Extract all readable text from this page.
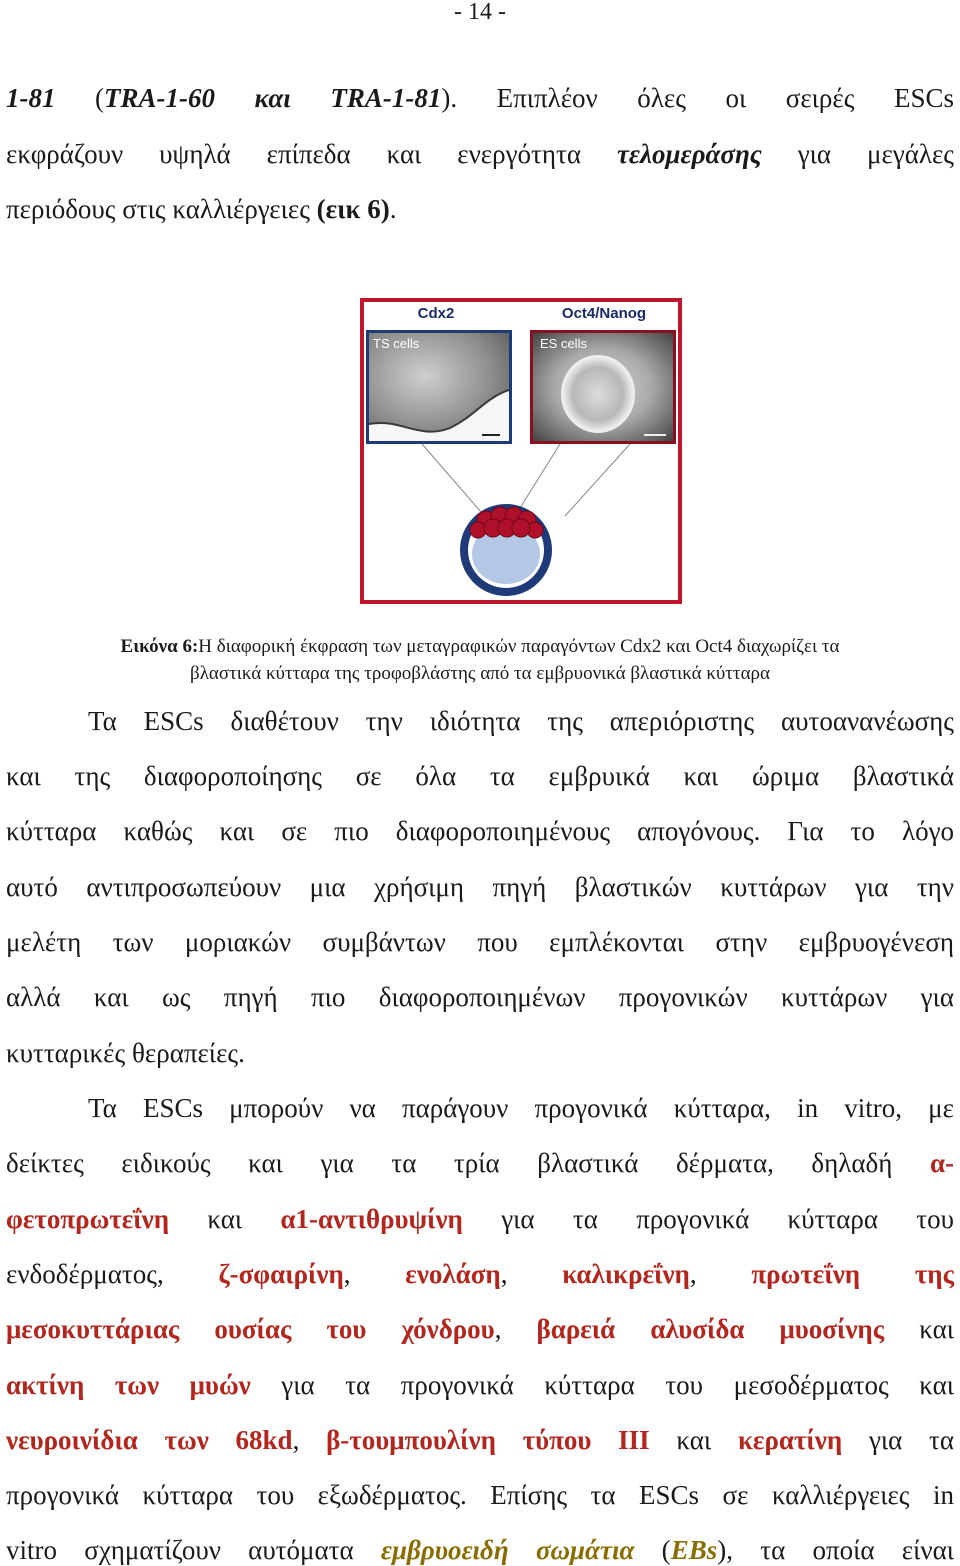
- 14 -
1-81 (TRA-1-60 και TRA-1-81). Επιπλέον όλες οι σειρές ESCs
εκφράζουν υψηλά επίπεδα και ενεργότητα τελομεράσης για μεγάλες
περιόδους στις καλλιέργειες (εικ 6).
Cdx2	Oct4/Nanog
TS cells	ES cells
Εικόνα 6:Η διαφορική έκφραση των μεταγραφικών παραγόντων Cdx2 και Oct4 διαχωρίζει τα
βλαστικά κύτταρα της τροφοβλάστης από τα εμβρυονικά βλαστικά κύτταρα
Τα ESCs διαθέτουν την ιδιότητα της απεριόριστης αυτοανανέωσης
και της διαφοροποίησης σε όλα τα εμβρυικά και ώριμα βλαστικά
κύτταρα καθώς και σε πιο διαφοροποιημένους απογόνους. Για το λόγο
αυτό αντιπροσωπεύουν μια χρήσιμη πηγή βλαστικών κυττάρων για την
μελέτη των μοριακών συμβάντων που εμπλέκονται στην εμβρυογένεση
αλλά και ως πηγή πιο διαφοροποιημένων προγονικών κυττάρων για
κυτταρικές θεραπείες.
Τα ESCs μπορούν να παράγουν προγονικά κύτταρα, in vitro, με
δείκτες ειδικούς και για τα τρία βλαστικά δέρματα, δηλαδή α-
φετοπρωτεΐνη και α1-αντιθρυψίνη για τα προγονικά κύτταρα του
ενδοδέρματος, ζ-σφαιρίνη, ενολάση, καλικρεΐνη, πρωτεΐνη της
μεσοκυττάριας ουσίας του χόνδρου, βαρειά αλυσίδα μυοσίνης και
ακτίνη των μυών για τα προγονικά κύτταρα του μεσοδέρματος και
νευροινίδια των 68kd, β-τουμπουλίνη τύπου ΙΙΙ και κερατίνη για τα
προγονικά κύτταρα του εξωδέρματος. Επίσης τα ESCs σε καλλιέργειες in
vitro σχηματίζουν αυτόματα εμβρυοειδή σωμάτια (EBs), τα οποία είναι
